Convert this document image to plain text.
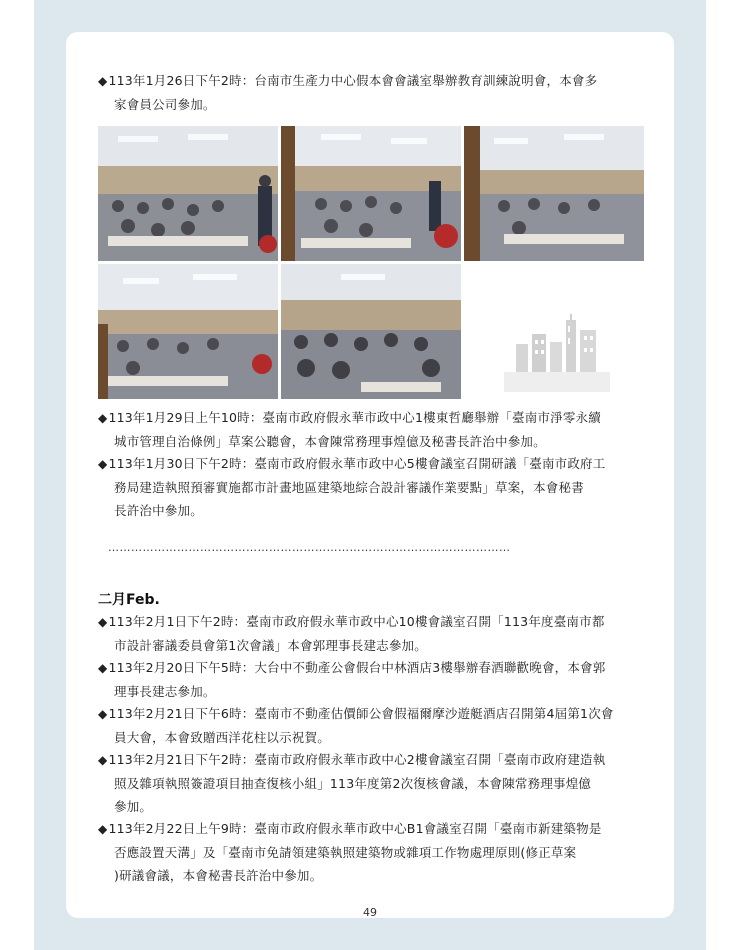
◆113年1月26日下午2時：台南市生產力中心假本會會議室舉辦教育訓練說明會，本會多
家會員公司參加。
◆113年1月29日上午10時：臺南市政府假永華市政中心1樓東哲廳舉辦「臺南市淨零永續
城市管理自治條例」草案公聽會，本會陳常務理事煌億及秘書長許治中參加。
◆113年1月30日下午2時：臺南市政府假永華市政中心5樓會議室召開研議「臺南市政府工
務局建造執照預審實施都市計畫地區建築地綜合設計審議作業要點」草案，本會秘書
長許治中參加。
……………………………………………………………………………………………
二月Feb.
◆113年2月1日下午2時：臺南市政府假永華市政中心10樓會議室召開「113年度臺南市都
市設計審議委員會第1次會議」本會郭理事長建志參加。
◆113年2月20日下午5時：大台中不動產公會假台中林酒店3樓舉辦春酒聯歡晚會，本會郭
理事長建志參加。
◆113年2月21日下午6時：臺南市不動產估價師公會假福爾摩沙遊艇酒店召開第4屆第1次會
員大會，本會致贈西洋花柱以示祝賀。
◆113年2月21日下午2時：臺南市政府假永華市政中心2樓會議室召開「臺南市政府建造執
照及雜項執照簽證項目抽查復核小組」113年度第2次復核會議，本會陳常務理事煌億
參加。
◆113年2月22日上午9時：臺南市政府假永華市政中心B1會議室召開「臺南市新建築物是
否應設置天溝」及「臺南市免請領建築執照建築物或雜項工作物處理原則(修正草案
)研議會議，本會秘書長許治中參加。
49
